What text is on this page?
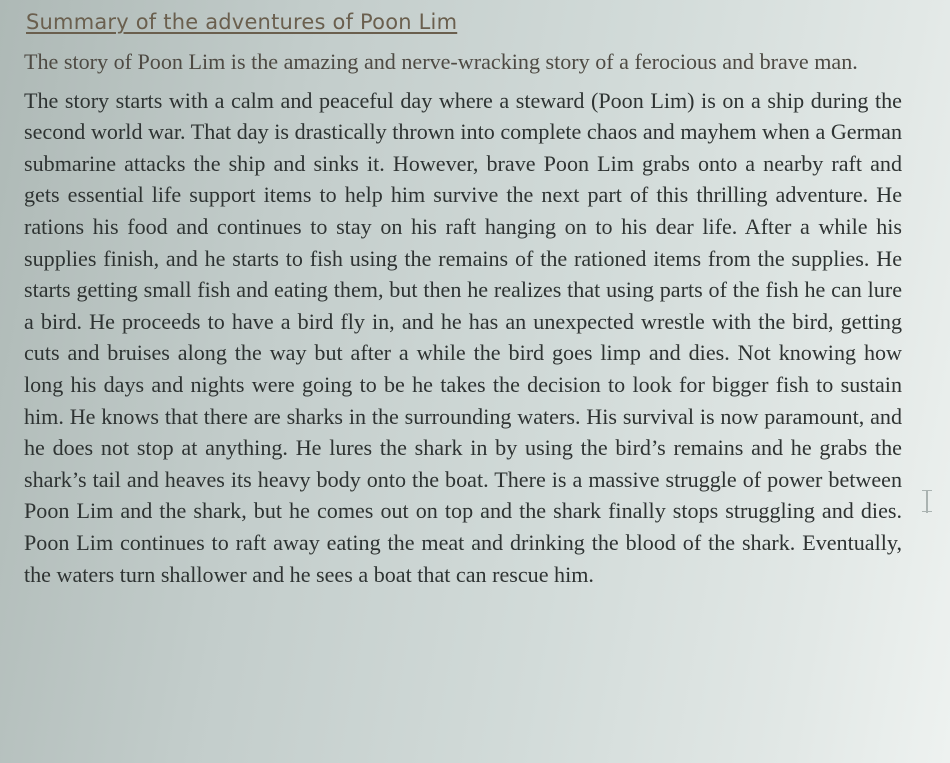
Summary of the adventures of Poon Lim

The story of Poon Lim is the amazing and nerve-wracking story of a ferocious and brave man.

The story starts with a calm and peaceful day where a steward (Poon Lim) is on a ship during the second world war. That day is drastically thrown into complete chaos and mayhem when a German submarine attacks the ship and sinks it. However, brave Poon Lim grabs onto a nearby raft and gets essential life support items to help him survive the next part of this thrilling adventure. He rations his food and continues to stay on his raft hanging on to his dear life. After a while his supplies finish, and he starts to fish using the remains of the rationed items from the supplies. He starts getting small fish and eating them, but then he realizes that using parts of the fish he can lure a bird. He proceeds to have a bird fly in, and he has an unexpected wrestle with the bird, getting cuts and bruises along the way but after a while the bird goes limp and dies. Not knowing how long his days and nights were going to be he takes the decision to look for bigger fish to sustain him. He knows that there are sharks in the surrounding waters. His survival is now paramount, and he does not stop at anything. He lures the shark in by using the bird’s remains and he grabs the shark’s tail and heaves its heavy body onto the boat. There is a massive struggle of power between Poon Lim and the shark, but he comes out on top and the shark finally stops struggling and dies. Poon Lim continues to raft away eating the meat and drinking the blood of the shark. Eventually, the waters turn shallower and he sees a boat that can rescue him.
